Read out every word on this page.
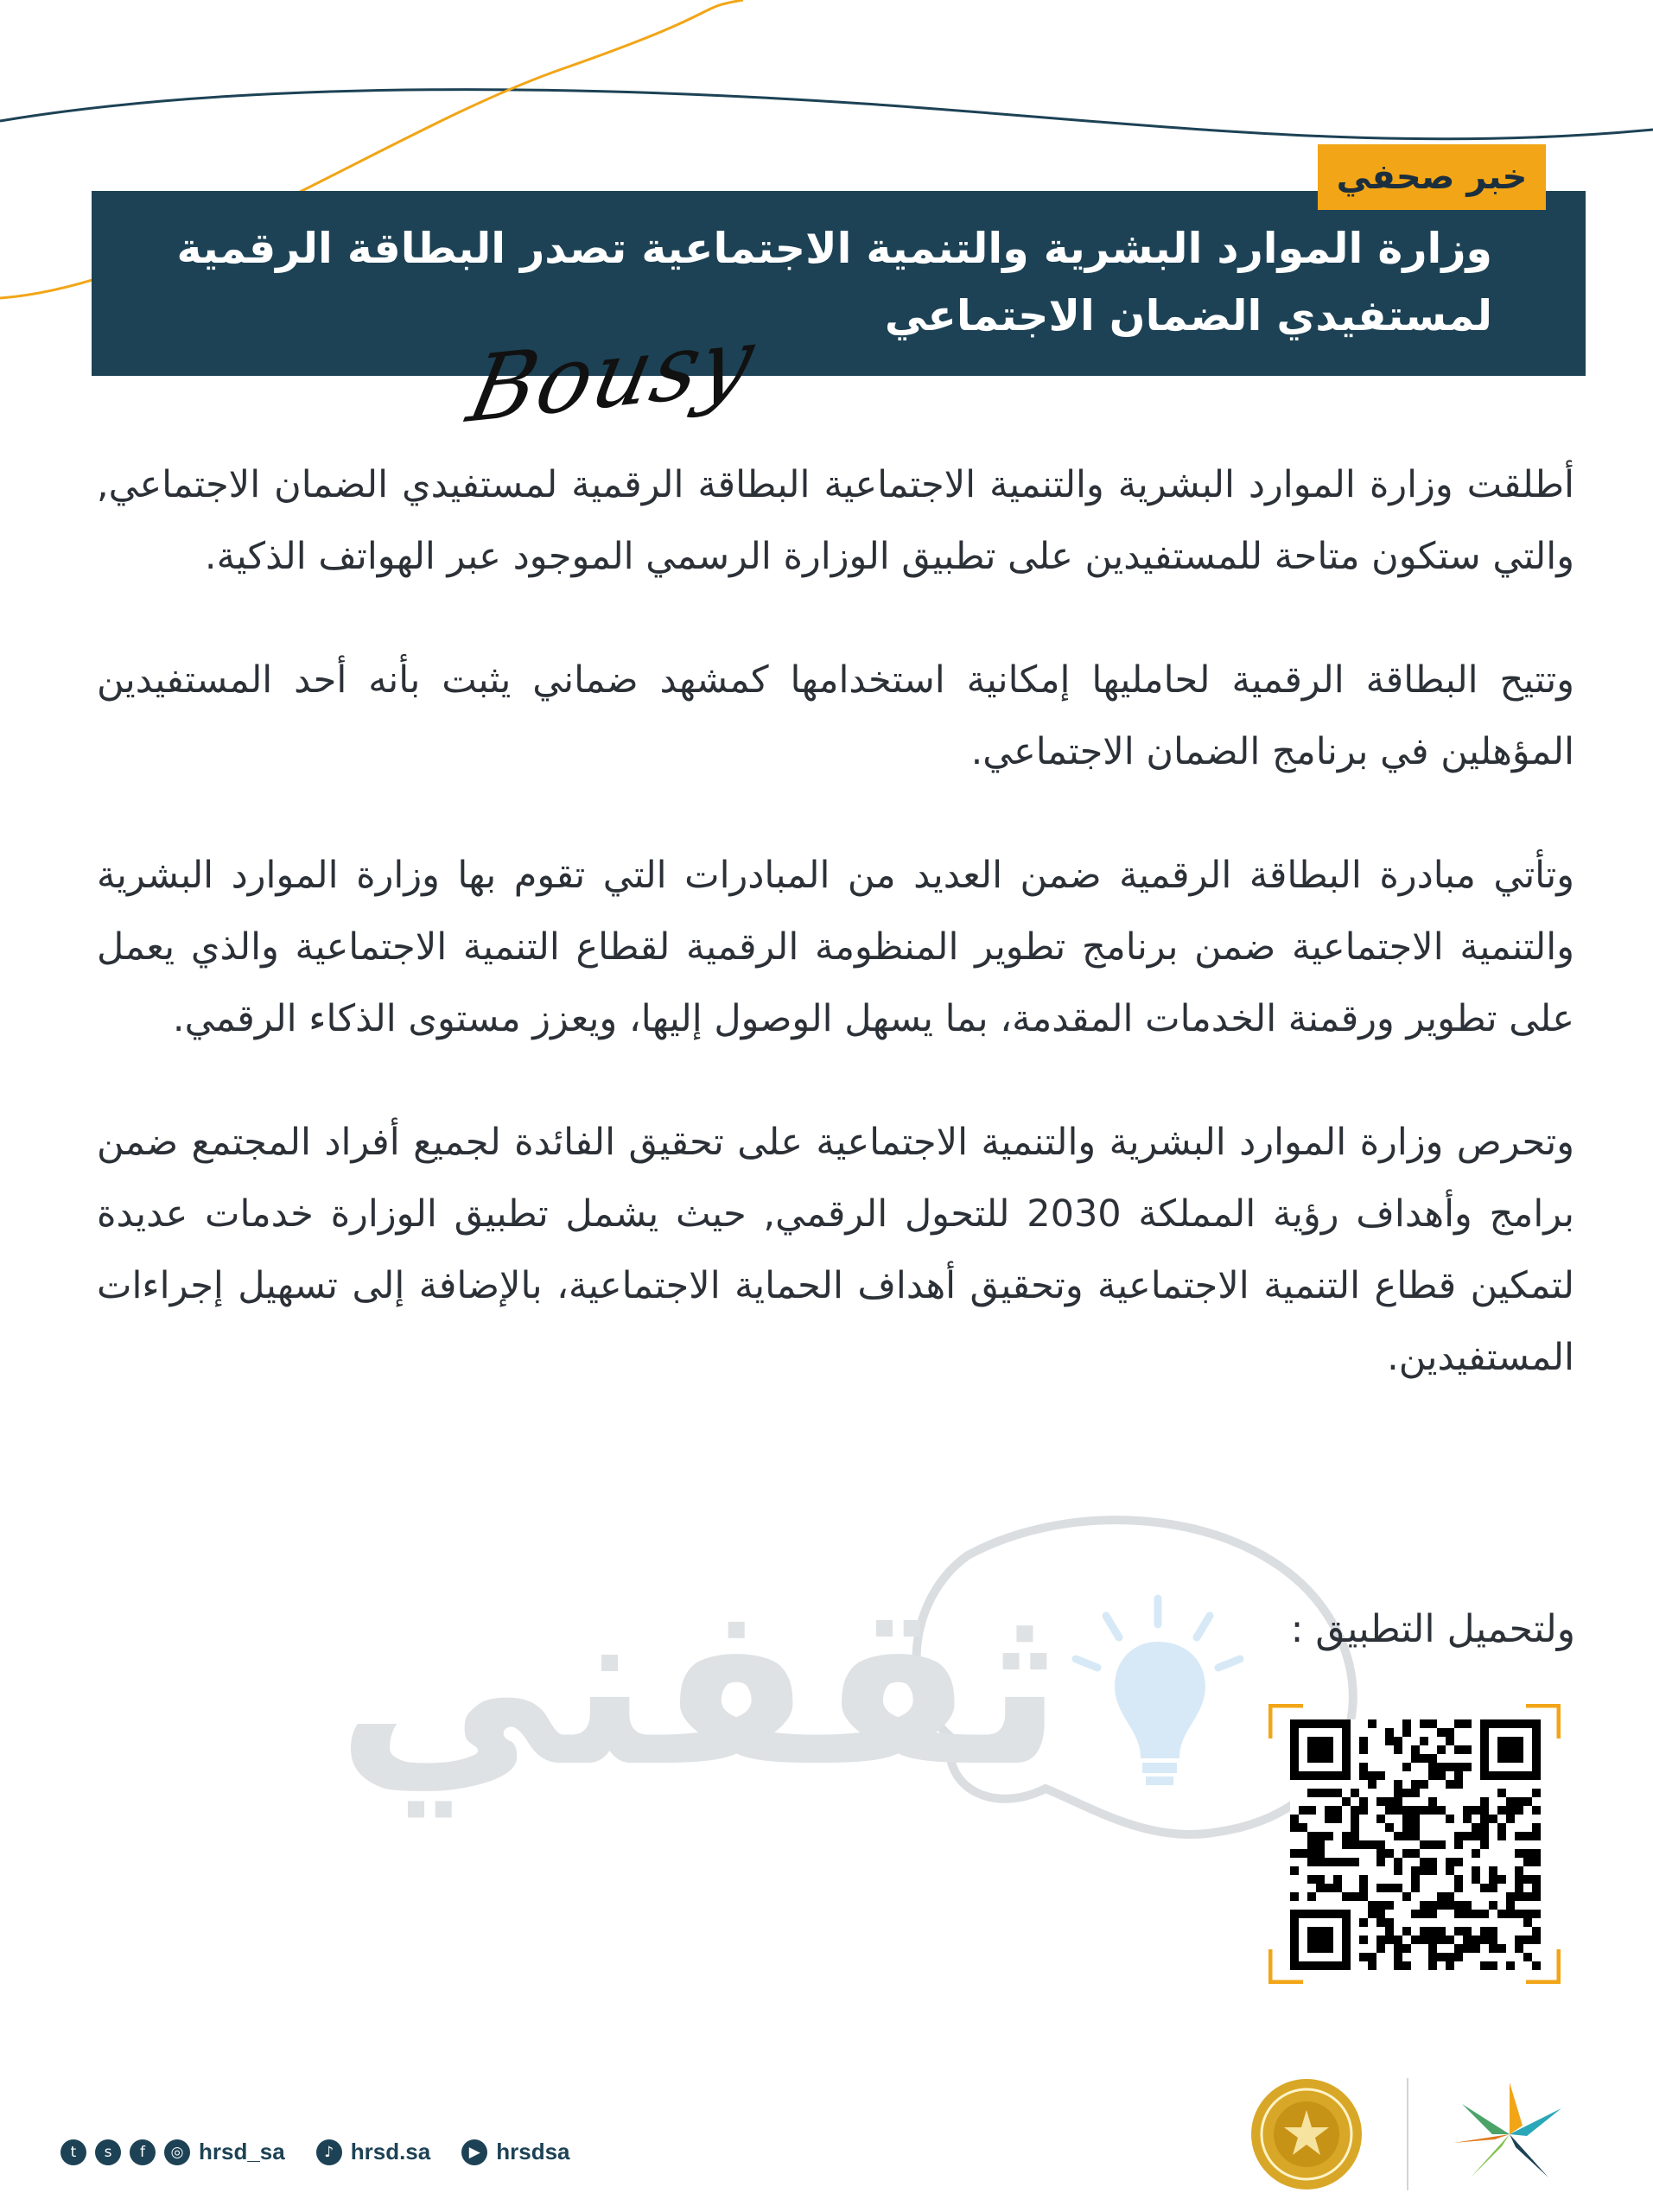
وزارة الموارد البشرية والتنمية الاجتماعية تصدر البطاقة الرقمية
لمستفيدي الضمان الاجتماعي
خبر صحفي
Bousy

أطلقت وزارة الموارد البشرية والتنمية الاجتماعية البطاقة الرقمية لمستفيدي الضمان الاجتماعي, والتي ستكون متاحة للمستفيدين على تطبيق الوزارة الرسمي الموجود عبر الهواتف الذكية.

وتتيح البطاقة الرقمية لحامليها إمكانية استخدامها كمشهد ضماني يثبت بأنه أحد المستفيدين المؤهلين في برنامج الضمان الاجتماعي.

وتأتي مبادرة البطاقة الرقمية ضمن العديد من المبادرات التي تقوم بها وزارة الموارد البشرية والتنمية الاجتماعية ضمن برنامج تطوير المنظومة الرقمية لقطاع التنمية الاجتماعية والذي يعمل على تطوير ورقمنة الخدمات المقدمة، بما يسهل الوصول إليها، ويعزز مستوى الذكاء الرقمي.

وتحرص وزارة الموارد البشرية والتنمية الاجتماعية على تحقيق الفائدة لجميع أفراد المجتمع ضمن برامج وأهداف رؤية المملكة 2030 للتحول الرقمي, حيث يشمل تطبيق الوزارة خدمات عديدة لتمكين قطاع التنمية الاجتماعية وتحقيق أهداف الحماية الاجتماعية، بالإضافة إلى تسهيل إجراءات المستفيدين.

ثقفني	ولتحميل التطبيق :
t	s	f	◎ hrsd_sa	♪ hrsd.sa	▶ hrsdsa
